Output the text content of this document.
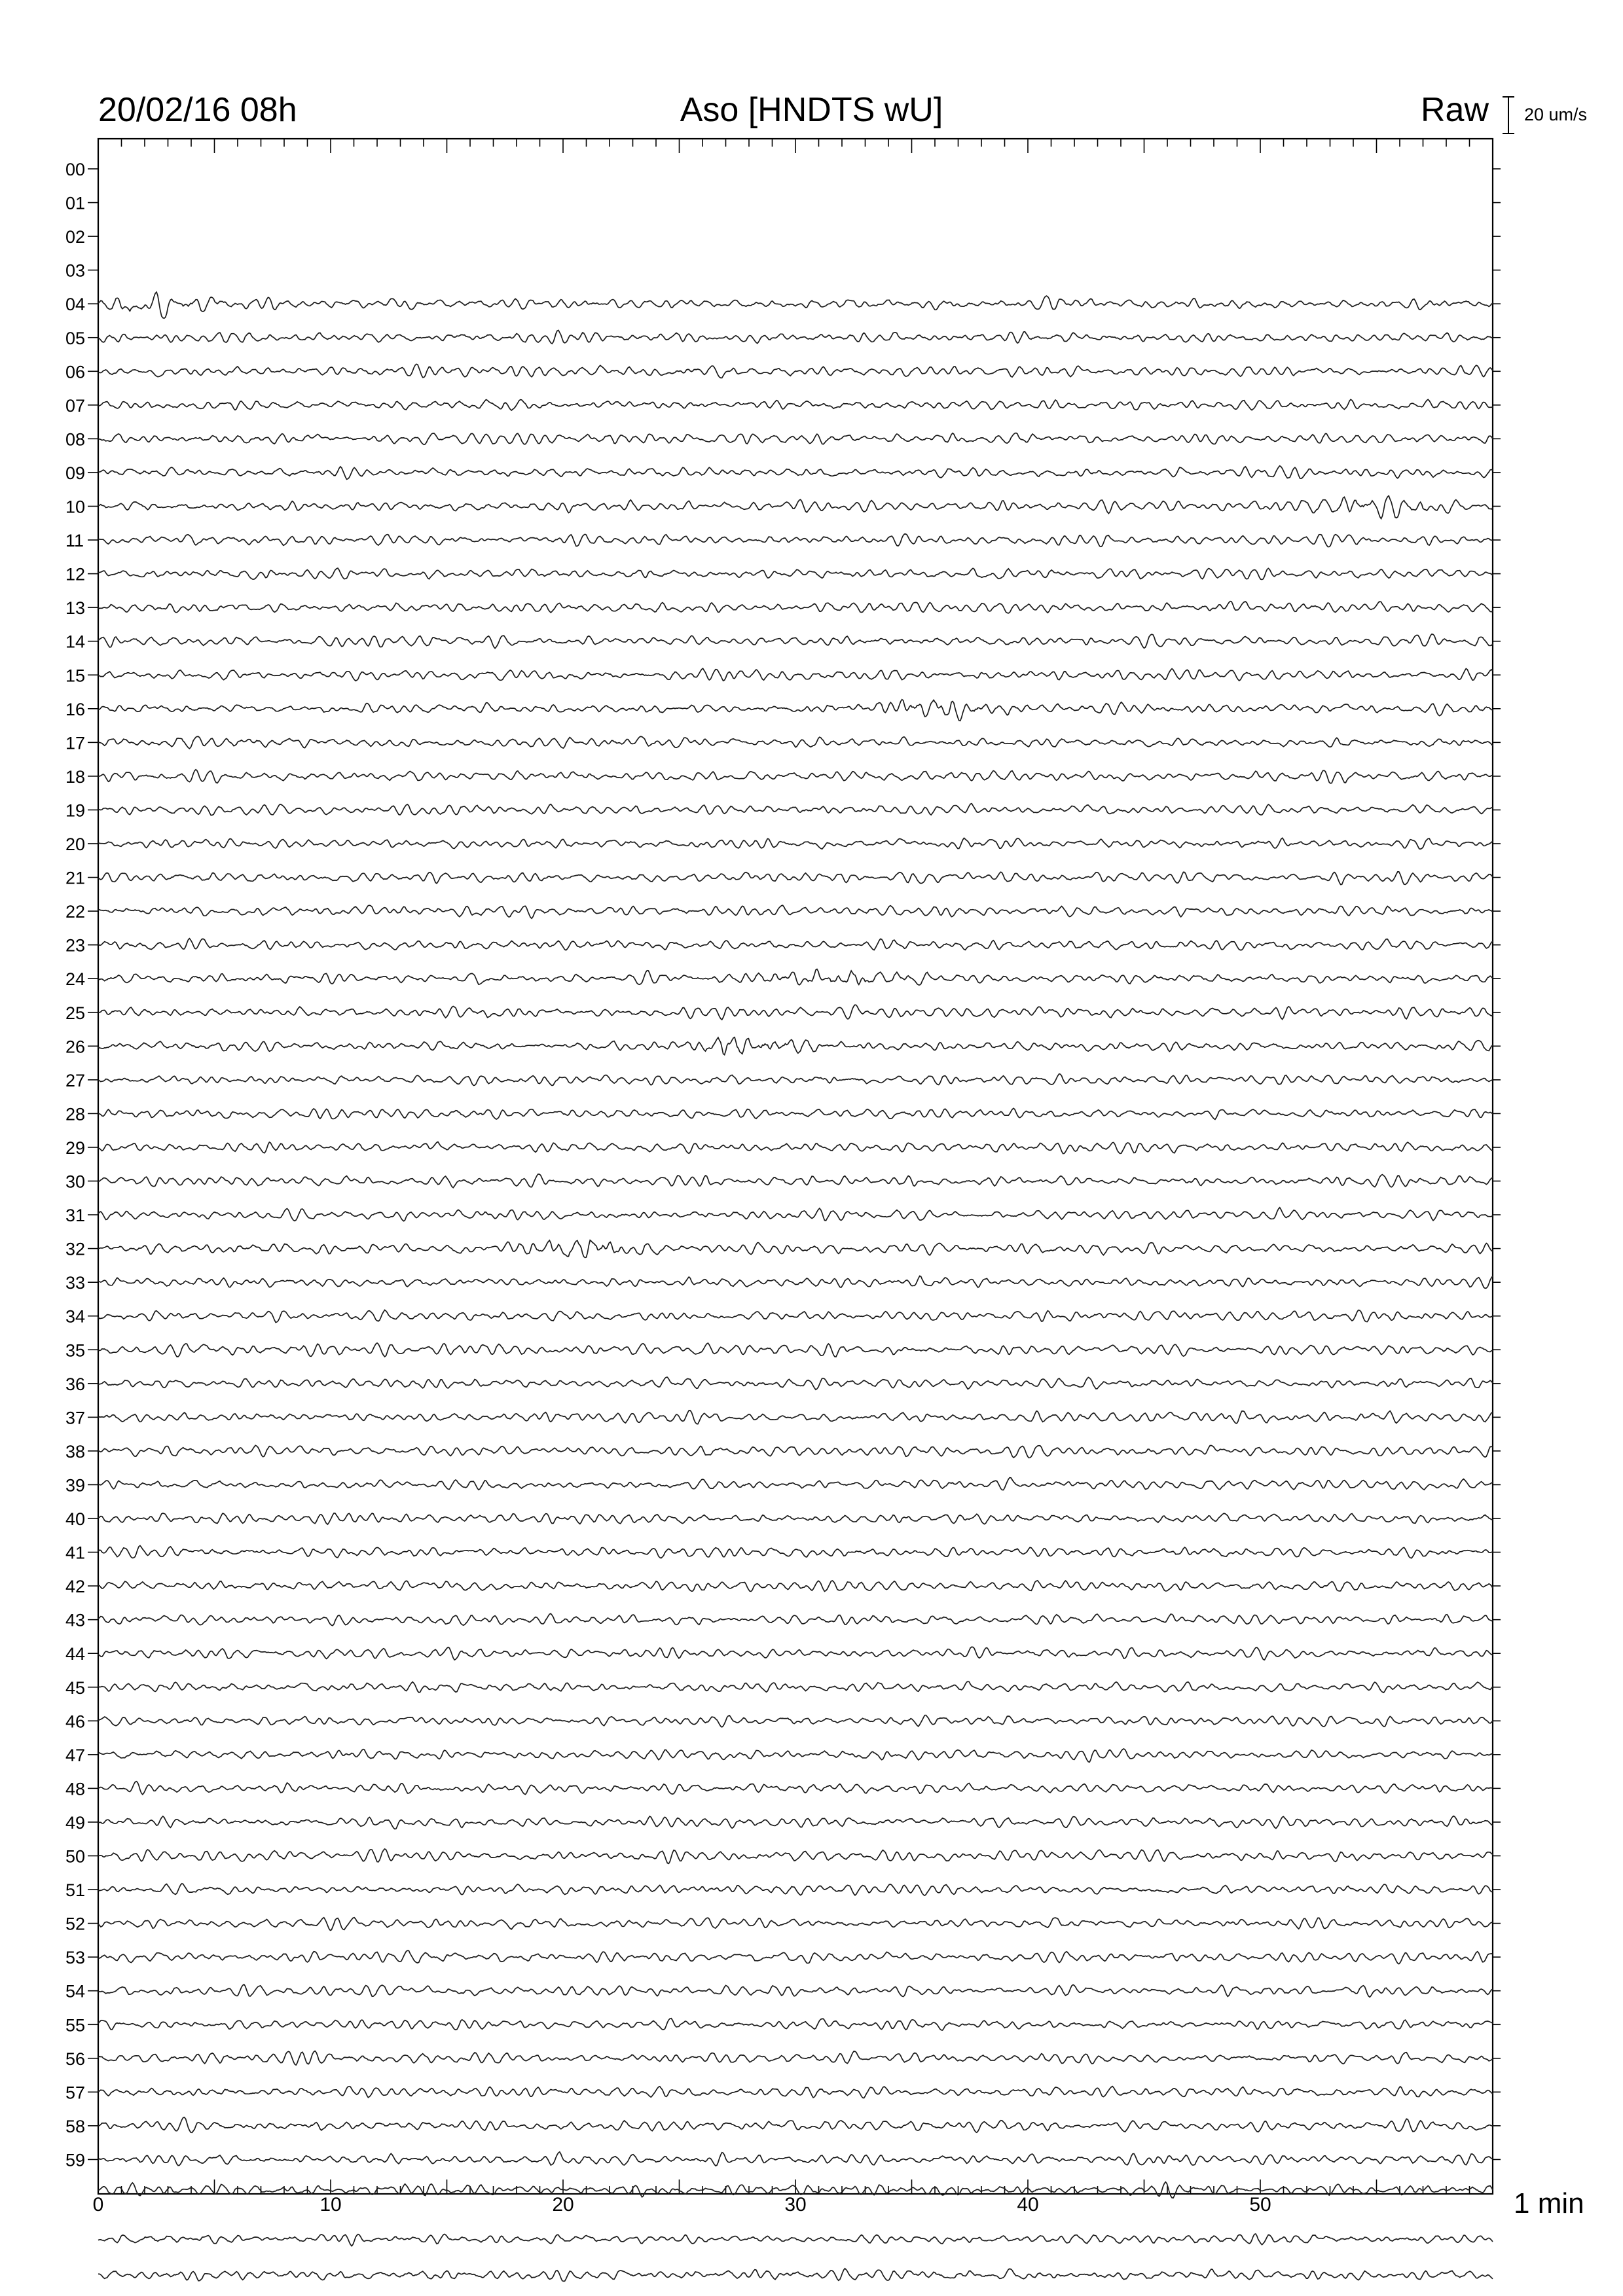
20/02/16 08h	Aso [HNDTS wU]	Raw 20 um/s
1 min
0	10	20	30	40	50
00
01
02
03
04
05
06
07
08
09
10
11
12
13
14
15
16
17
18
19
20
21
22
23
24
25
26
27
28
29
30
31
32
33
34
35
36
37
38
39
40
41
42
43
44
45
46
47
48
49
50
51
52
53
54
55
56
57
58
59
